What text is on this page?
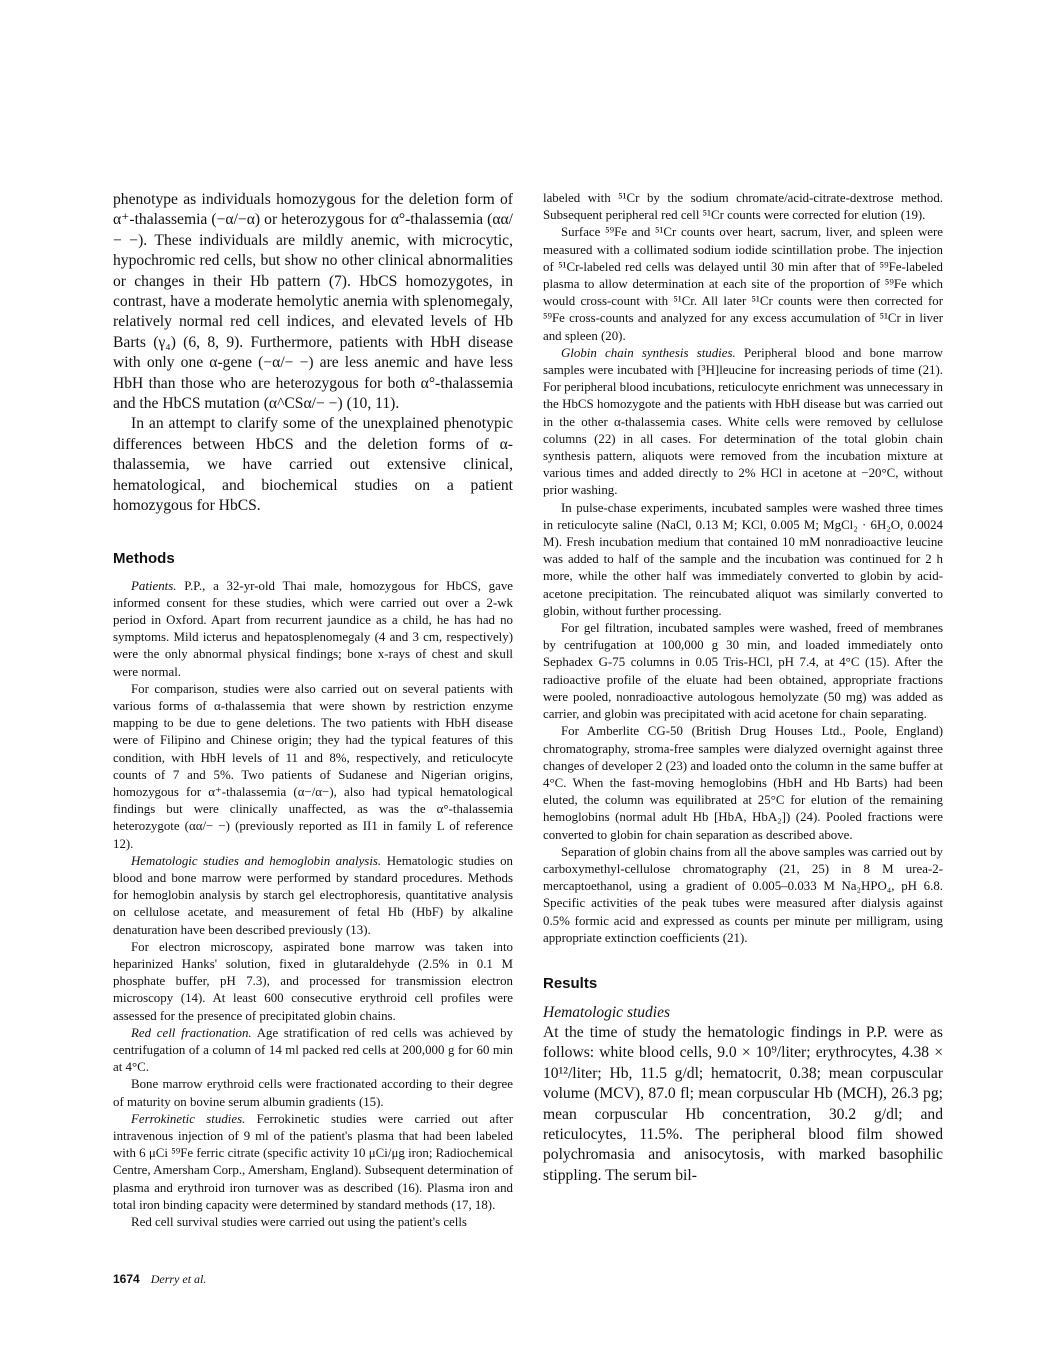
phenotype as individuals homozygous for the deletion form of α⁺-thalassemia (−α/−α) or heterozygous for α°-thalassemia (αα/− −). These individuals are mildly anemic, with microcytic, hypochromic red cells, but show no other clinical abnormalities or changes in their Hb pattern (7). HbCS homozygotes, in contrast, have a moderate hemolytic anemia with splenomegaly, relatively normal red cell indices, and elevated levels of Hb Barts (γ₄) (6, 8, 9). Furthermore, patients with HbH disease with only one α-gene (−α/− −) are less anemic and have less HbH than those who are heterozygous for both α°-thalassemia and the HbCS mutation (α^CSα/− −) (10, 11).

In an attempt to clarify some of the unexplained phenotypic differences between HbCS and the deletion forms of α-thalassemia, we have carried out extensive clinical, hematological, and biochemical studies on a patient homozygous for HbCS.

Methods

Patients. P.P., a 32-yr-old Thai male, homozygous for HbCS, gave informed consent for these studies, which were carried out over a 2-wk period in Oxford. Apart from recurrent jaundice as a child, he has had no symptoms. Mild icterus and hepatosplenomegaly (4 and 3 cm, respectively) were the only abnormal physical findings; bone x-rays of chest and skull were normal.

For comparison, studies were also carried out on several patients with various forms of α-thalassemia that were shown by restriction enzyme mapping to be due to gene deletions. The two patients with HbH disease were of Filipino and Chinese origin; they had the typical features of this condition, with HbH levels of 11 and 8%, respectively, and reticulocyte counts of 7 and 5%. Two patients of Sudanese and Nigerian origins, homozygous for α⁺-thalassemia (α−/α−), also had typical hematological findings but were clinically unaffected, as was the α°-thalassemia heterozygote (αα/− −) (previously reported as II1 in family L of reference 12).

Hematologic studies and hemoglobin analysis. Hematologic studies on blood and bone marrow were performed by standard procedures. Methods for hemoglobin analysis by starch gel electrophoresis, quantitative analysis on cellulose acetate, and measurement of fetal Hb (HbF) by alkaline denaturation have been described previously (13).

For electron microscopy, aspirated bone marrow was taken into heparinized Hanks' solution, fixed in glutaraldehyde (2.5% in 0.1 M phosphate buffer, pH 7.3), and processed for transmission electron microscopy (14). At least 600 consecutive erythroid cell profiles were assessed for the presence of precipitated globin chains.

Red cell fractionation. Age stratification of red cells was achieved by centrifugation of a column of 14 ml packed red cells at 200,000 g for 60 min at 4°C.

Bone marrow erythroid cells were fractionated according to their degree of maturity on bovine serum albumin gradients (15).

Ferrokinetic studies. Ferrokinetic studies were carried out after intravenous injection of 9 ml of the patient's plasma that had been labeled with 6 μCi ⁵⁹Fe ferric citrate (specific activity 10 μCi/μg iron; Radiochemical Centre, Amersham Corp., Amersham, England). Subsequent determination of plasma and erythroid iron turnover was as described (16). Plasma iron and total iron binding capacity were determined by standard methods (17, 18).

Red cell survival studies were carried out using the patient's cells

labeled with ⁵¹Cr by the sodium chromate/acid-citrate-dextrose method. Subsequent peripheral red cell ⁵¹Cr counts were corrected for elution (19).

Surface ⁵⁹Fe and ⁵¹Cr counts over heart, sacrum, liver, and spleen were measured with a collimated sodium iodide scintillation probe. The injection of ⁵¹Cr-labeled red cells was delayed until 30 min after that of ⁵⁹Fe-labeled plasma to allow determination at each site of the proportion of ⁵⁹Fe which would cross-count with ⁵¹Cr. All later ⁵¹Cr counts were then corrected for ⁵⁹Fe cross-counts and analyzed for any excess accumulation of ⁵¹Cr in liver and spleen (20).

Globin chain synthesis studies. Peripheral blood and bone marrow samples were incubated with [³H]leucine for increasing periods of time (21). For peripheral blood incubations, reticulocyte enrichment was unnecessary in the HbCS homozygote and the patients with HbH disease but was carried out in the other α-thalassemia cases. White cells were removed by cellulose columns (22) in all cases. For determination of the total globin chain synthesis pattern, aliquots were removed from the incubation mixture at various times and added directly to 2% HCl in acetone at −20°C, without prior washing.

In pulse-chase experiments, incubated samples were washed three times in reticulocyte saline (NaCl, 0.13 M; KCl, 0.005 M; MgCl₂ · 6H₂O, 0.0024 M). Fresh incubation medium that contained 10 mM nonradioactive leucine was added to half of the sample and the incubation was continued for 2 h more, while the other half was immediately converted to globin by acid-acetone precipitation. The reincubated aliquot was similarly converted to globin, without further processing.

For gel filtration, incubated samples were washed, freed of membranes by centrifugation at 100,000 g 30 min, and loaded immediately onto Sephadex G-75 columns in 0.05 Tris-HCl, pH 7.4, at 4°C (15). After the radioactive profile of the eluate had been obtained, appropriate fractions were pooled, nonradioactive autologous hemolyzate (50 mg) was added as carrier, and globin was precipitated with acid acetone for chain separating.

For Amberlite CG-50 (British Drug Houses Ltd., Poole, England) chromatography, stroma-free samples were dialyzed overnight against three changes of developer 2 (23) and loaded onto the column in the same buffer at 4°C. When the fast-moving hemoglobins (HbH and Hb Barts) had been eluted, the column was equilibrated at 25°C for elution of the remaining hemoglobins (normal adult Hb [HbA, HbA₂]) (24). Pooled fractions were converted to globin for chain separation as described above.

Separation of globin chains from all the above samples was carried out by carboxymethyl-cellulose chromatography (21, 25) in 8 M urea-2-mercaptoethanol, using a gradient of 0.005–0.033 M Na₂HPO₄, pH 6.8. Specific activities of the peak tubes were measured after dialysis against 0.5% formic acid and expressed as counts per minute per milligram, using appropriate extinction coefficients (21).

Results
Hematologic studies

At the time of study the hematologic findings in P.P. were as follows: white blood cells, 9.0 × 10⁹/liter; erythrocytes, 4.38 × 10¹²/liter; Hb, 11.5 g/dl; hematocrit, 0.38; mean corpuscular volume (MCV), 87.0 fl; mean corpuscular Hb (MCH), 26.3 pg; mean corpuscular Hb concentration, 30.2 g/dl; and reticulocytes, 11.5%. The peripheral blood film showed polychromasia and anisocytosis, with marked basophilic stippling. The serum bil-

1674 Derry et al.
